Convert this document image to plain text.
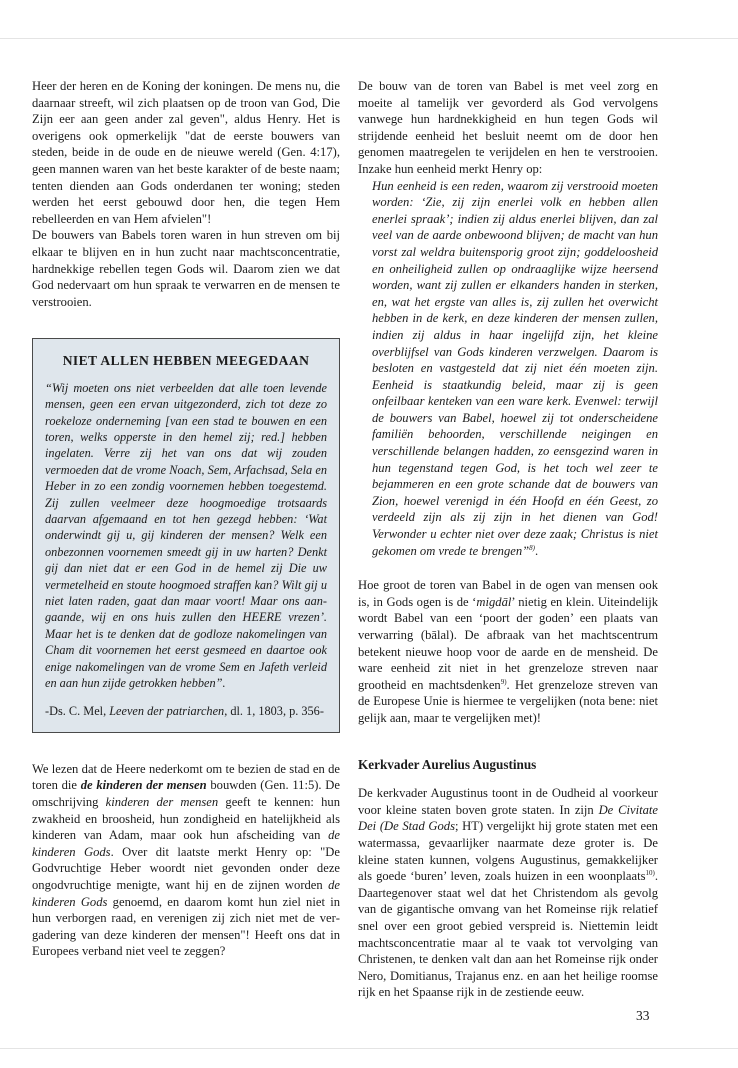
Heer der heren en de Koning der koningen. De mens nu, die daarnaar streeft, wil zich plaatsen op de troon van God, Die Zijn eer aan geen ander zal geven", aldus Henry. Het is overigens ook opmerkelijk "dat de eerste bouwers van steden, beide in de oude en de nieuwe wereld (Gen. 4:17), geen mannen waren van het beste karakter of de beste naam; tenten dienden aan Gods onderdanen ter woning; steden werden het eerst gebouwd door hen, die tegen Hem rebelleerden en van Hem afvielen"!

De bouwers van Babels toren waren in hun streven om bij elkaar te blijven en in hun zucht naar machtsconcentratie, hardnekkige rebellen tegen Gods wil. Daarom zien we dat God nedervaart om hun spraak te verwarren en de mensen te verstrooien.

NIET ALLEN HEBBEN MEEGEDAAN
“Wij moeten ons niet verbeelden dat alle toen levende mensen, geen een ervan uitgezonderd, zich tot deze zo roekeloze onderneming [van een stad te bouwen en een toren, welks opperste in den hemel zij; red.] hebben ingelaten. Verre zij het van ons dat wij zouden vermoeden dat de vrome Noach, Sem, Arfachsad, Sela en Heber in zo een zondig voornemen hebben toegestemd. Zij zullen veelmeer deze hoogmoedige trotsaards daarvan afgemaand en tot hen gezegd hebben: ‘Wat onderwindt gij u, gij kinderen der mensen? Welk een onbezonnen voornemen smeedt gij in uw harten? Denkt gij dan niet dat er een God in de hemel zij Die uw vermetelheid en stoute hoogmoed straffen kan? Wilt gij u niet laten raden, gaat dan maar voort! Maar ons aangaande, wij en ons huis zullen den HEERE vrezen’. Maar het is te denken dat de godloze nakomelingen van Cham dit voornemen het eerst gesmeed en daartoe ook enige nakomelingen van de vrome Sem en Jafeth verleid en aan hun zijde getrokken hebben”.
-Ds. C. Mel, Leeven der patriarchen, dl. 1, 1803, p. 356-

We lezen dat de Heere nederkomt om te bezien de stad en de toren die de kinderen der mensen bouwden (Gen. 11:5). De omschrijving kinderen der mensen geeft te kennen: hun zwakheid en broosheid, hun zondigheid en hatelijkheid als kinderen van Adam, maar ook hun afscheiding van de kinderen Gods. Over dit laatste merkt Henry op: "De Godvruchtige Heber woordt niet gevonden onder deze ongodvruchtige menigte, want hij en de zijnen worden de kinderen Gods genoemd, en daarom komt hun ziel niet in hun verborgen raad, en verenigen zij zich niet met de vergadering van deze kinderen der mensen"! Heeft ons dat in Europees verband niet veel te zeggen?

De bouw van de toren van Babel is met veel zorg en moeite al tamelijk ver gevorderd als God vervolgens vanwege hun hardnekkigheid en hun tegen Gods wil strijdende eenheid het besluit neemt om de door hen genomen maatregelen te verijdelen en hen te verstrooien. Inzake hun eenheid merkt Henry op:

Hun eenheid is een reden, waarom zij verstrooid moeten worden: ‘Zie, zij zijn enerlei volk en hebben allen enerlei spraak’; indien zij aldus enerlei blijven, dan zal veel van de aarde onbewoond blijven; de macht van hun vorst zal weldra buitensporig groot zijn; goddeloosheid en onheiligheid zullen op ondraaglijke wijze heersend worden, want zij zullen er elkanders handen in sterken, en, wat het ergste van alles is, zij zullen het overwicht hebben in de kerk, en deze kinderen der mensen zullen, indien zij aldus in haar ingelijfd zijn, het kleine overblijfsel van Gods kinderen verzwelgen. Daarom is besloten en vastgesteld dat zij niet één moeten zijn. Eenheid is staatkundig beleid, maar zij is geen onfeilbaar kenteken van een ware kerk. Evenwel: terwijl de bouwers van Babel, hoewel zij tot onderscheidene familiën behoorden, verschillende neigingen en verschillende belangen hadden, zo eensgezind waren in hun tegenstand tegen God, is het toch wel zeer te bejammeren en een grote schande dat de bouwers van Zion, hoewel verenigd in één Hoofd en één Geest, zo verdeeld zijn als zij zijn in het dienen van God! Verwonder u echter niet over deze zaak; Christus is niet gekomen om vrede te brengen”$^{8)}$.

Hoe groot de toren van Babel in de ogen van mensen ook is, in Gods ogen is de ‘migdāl’ nietig en klein. Uiteindelijk wordt Babel van een ‘poort der goden’ een plaats van verwarring (bālal). De afbraak van het machtscentrum betekent nieuwe hoop voor de aarde en de mensheid. De ware eenheid zit niet in het grenzeloze streven naar grootheid en machtsdenken$^{9)}$. Het grenzeloze streven van de Europese Unie is hiermee te vergelijken (nota bene: niet gelijk aan, maar te vergelijken met)!

Kerkvader Aurelius Augustinus

De kerkvader Augustinus toont in de Oudheid al voorkeur voor kleine staten boven grote staten. In zijn De Civitate Dei (De Stad Gods; HT) vergelijkt hij grote staten met een watermassa, gevaarlijker naarmate deze groter is. De kleine staten kunnen, volgens Augustinus, gemakkelijker als goede ‘buren’ leven, zoals huizen in een woonplaats$^{10)}$. Daartegenover staat wel dat het Christendom als gevolg van de gigantische omvang van het Romeinse rijk relatief snel over een groot gebied verspreid is. Niettemin leidt machtsconcentratie maar al te vaak tot vervolging van Christenen, te denken valt dan aan het Romeinse rijk onder Nero, Domitianus, Trajanus enz. en aan het heilige roomse rijk en het Spaanse rijk in de zestiende eeuw.

33
